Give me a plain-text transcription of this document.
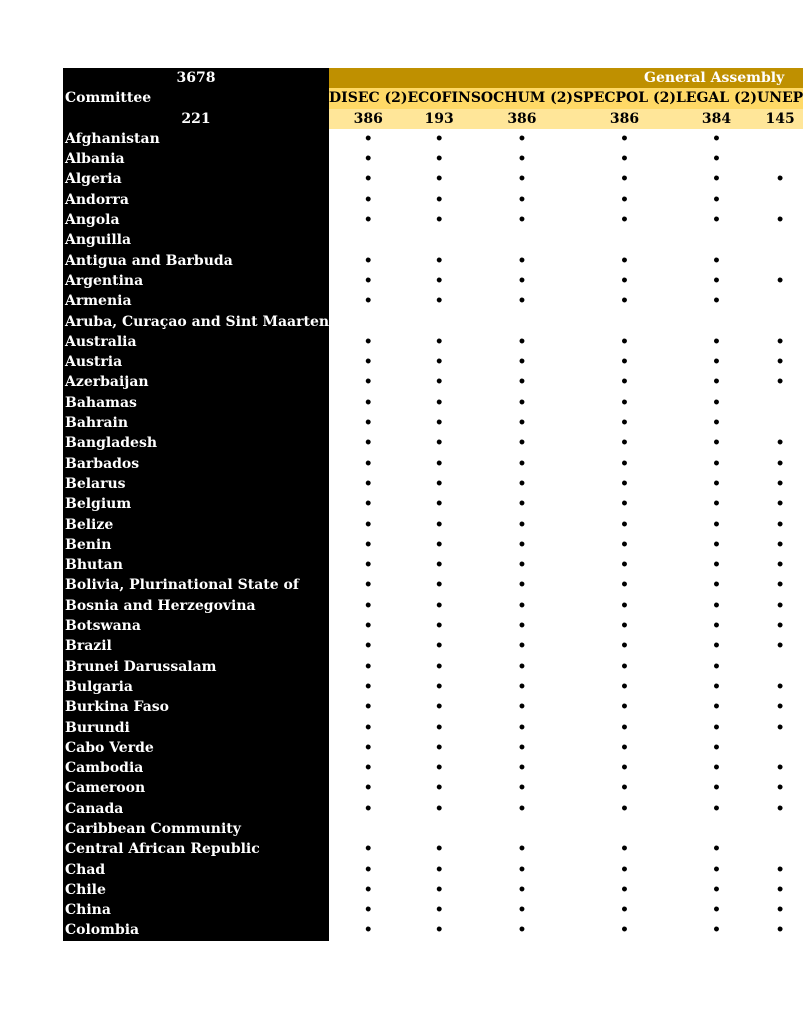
3678	General Assembly						
Committee	DISEC (2)	ECOFIN	SOCHUM (2)	SPECPOL (2)	LEGAL (2)	UNEP	
221	386	193	386	386	384	145	
Afghanistan	•	•	•	•	•		
Albania	•	•	•	•	•		
Algeria	•	•	•	•	•	•	
Andorra	•	•	•	•	•		
Angola	•	•	•	•	•	•	
Anguilla							
Antigua and Barbuda	•	•	•	•	•		
Argentina	•	•	•	•	•	•	
Armenia	•	•	•	•	•		
Aruba, Curaçao and Sint Maarten							
Australia	•	•	•	•	•	•	
Austria	•	•	•	•	•	•	
Azerbaijan	•	•	•	•	•	•	
Bahamas	•	•	•	•	•		
Bahrain	•	•	•	•	•		
Bangladesh	•	•	•	•	•	•	
Barbados	•	•	•	•	•	•	
Belarus	•	•	•	•	•	•	
Belgium	•	•	•	•	•	•	
Belize	•	•	•	•	•	•	
Benin	•	•	•	•	•	•	
Bhutan	•	•	•	•	•	•	
Bolivia, Plurinational State of	•	•	•	•	•	•	
Bosnia and Herzegovina	•	•	•	•	•	•	
Botswana	•	•	•	•	•	•	
Brazil	•	•	•	•	•	•	
Brunei Darussalam	•	•	•	•	•		
Bulgaria	•	•	•	•	•	•	
Burkina Faso	•	•	•	•	•	•	
Burundi	•	•	•	•	•	•	
Cabo Verde	•	•	•	•	•		
Cambodia	•	•	•	•	•	•	
Cameroon	•	•	•	•	•	•	
Canada	•	•	•	•	•	•	
Caribbean Community							
Central African Republic	•	•	•	•	•		
Chad	•	•	•	•	•	•	
Chile	•	•	•	•	•	•	
China	•	•	•	•	•	•	
Colombia	•	•	•	•	•	•	
